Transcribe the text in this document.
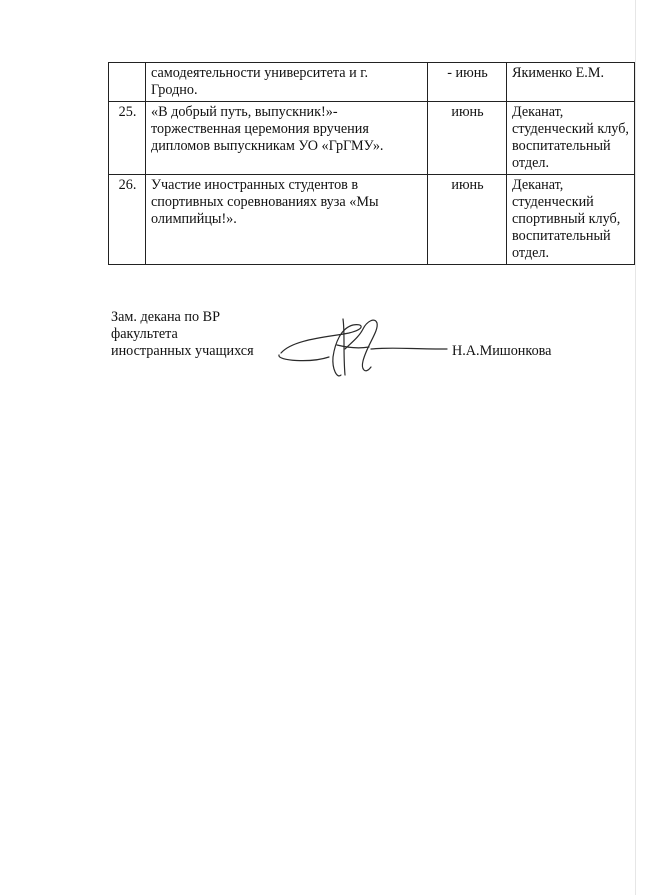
	самодеятельности университета и г.
Гродно.	- июнь	Якименко Е.М.

25.	«В добрый путь, выпускник!»-
торжественная церемония вручения
дипломов выпускникам УО «ГрГМУ».	июнь	Деканат,
студенческий клуб,
воспитательный
отдел.

26.	Участие иностранных студентов в
спортивных соревнованиях вуза «Мы
олимпийцы!».	июнь	Деканат,
студенческий
спортивный клуб,
воспитательный
отдел.
Зам. декана по ВР
факультета
иностранных учащихся	Н.А.Мишонкова
